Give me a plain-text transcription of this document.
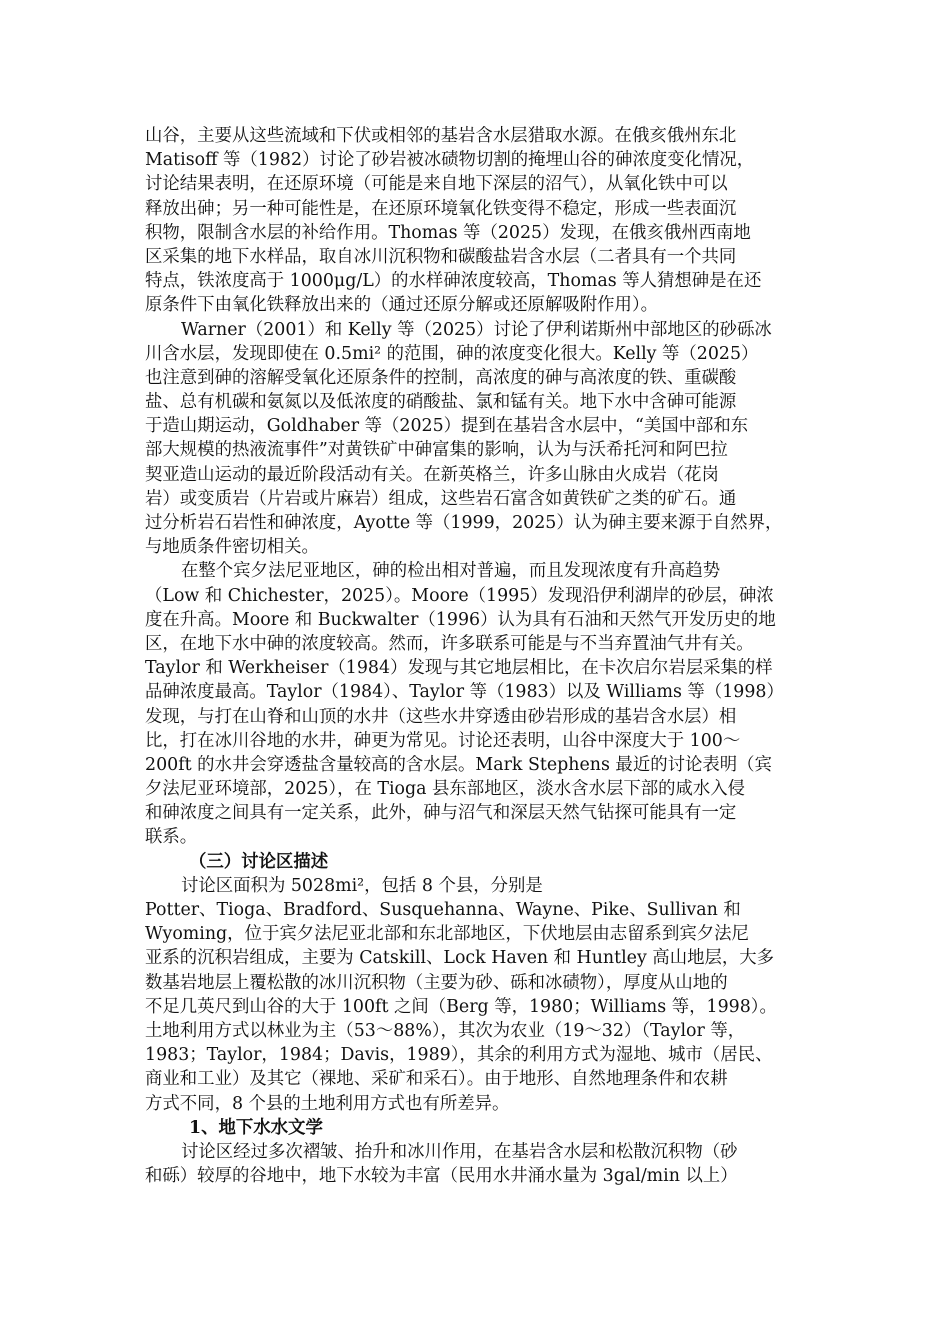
山谷，主要从这些流域和下伏或相邻的基岩含水层猎取水源。在俄亥俄州东北
Matisoff 等（1982）讨论了砂岩被冰碛物切割的掩埋山谷的砷浓度变化情况，
讨论结果表明，在还原环境（可能是来自地下深层的沼气），从氧化铁中可以
释放出砷；另一种可能性是，在还原环境氧化铁变得不稳定，形成一些表面沉
积物，限制含水层的补给作用。Thomas 等（2025）发现，在俄亥俄州西南地
区采集的地下水样品，取自冰川沉积物和碳酸盐岩含水层（二者具有一个共同
特点，铁浓度高于 1000μg/L）的水样砷浓度较高，Thomas 等人猜想砷是在还
原条件下由氧化铁释放出来的（通过还原分解或还原解吸附作用）。
Warner（2001）和 Kelly 等（2025）讨论了伊利诺斯州中部地区的砂砾冰
川含水层，发现即使在 0.5mi² 的范围，砷的浓度变化很大。Kelly 等（2025）
也注意到砷的溶解受氧化还原条件的控制，高浓度的砷与高浓度的铁、重碳酸
盐、总有机碳和氨氮以及低浓度的硝酸盐、氯和锰有关。地下水中含砷可能源
于造山期运动，Goldhaber 等（2025）提到在基岩含水层中，“美国中部和东
部大规模的热液流事件”对黄铁矿中砷富集的影响，认为与沃希托河和阿巴拉
契亚造山运动的最近阶段活动有关。在新英格兰，许多山脉由火成岩（花岗
岩）或变质岩（片岩或片麻岩）组成，这些岩石富含如黄铁矿之类的矿石。通
过分析岩石岩性和砷浓度，Ayotte 等（1999，2025）认为砷主要来源于自然界，
与地质条件密切相关。
在整个宾夕法尼亚地区，砷的检出相对普遍，而且发现浓度有升高趋势
（Low 和 Chichester，2025）。Moore（1995）发现沿伊利湖岸的砂层，砷浓
度在升高。Moore 和 Buckwalter（1996）认为具有石油和天然气开发历史的地
区，在地下水中砷的浓度较高。然而，许多联系可能是与不当弃置油气井有关。
Taylor 和 Werkheiser（1984）发现与其它地层相比，在卡次启尔岩层采集的样
品砷浓度最高。Taylor（1984）、Taylor 等（1983）以及 Williams 等（1998）
发现，与打在山脊和山顶的水井（这些水井穿透由砂岩形成的基岩含水层）相
比，打在冰川谷地的水井，砷更为常见。讨论还表明，山谷中深度大于 100～
200ft 的水井会穿透盐含量较高的含水层。Mark Stephens 最近的讨论表明（宾
夕法尼亚环境部，2025），在 Tioga 县东部地区，淡水含水层下部的咸水入侵
和砷浓度之间具有一定关系，此外，砷与沼气和深层天然气钻探可能具有一定
联系。
（三）讨论区描述
讨论区面积为 5028mi²，包括 8 个县，分别是
Potter、Tioga、Bradford、Susquehanna、Wayne、Pike、Sullivan 和
Wyoming，位于宾夕法尼亚北部和东北部地区，下伏地层由志留系到宾夕法尼
亚系的沉积岩组成，主要为 Catskill、Lock Haven 和 Huntley 高山地层，大多
数基岩地层上覆松散的冰川沉积物（主要为砂、砾和冰碛物），厚度从山地的
不足几英尺到山谷的大于 100ft 之间（Berg 等，1980；Williams 等，1998）。
土地利用方式以林业为主（53～88%），其次为农业（19～32）（Taylor 等，
1983；Taylor，1984；Davis，1989），其余的利用方式为湿地、城市（居民、
商业和工业）及其它（裸地、采矿和采石）。由于地形、自然地理条件和农耕
方式不同，8 个县的土地利用方式也有所差异。
1、地下水水文学
讨论区经过多次褶皱、抬升和冰川作用，在基岩含水层和松散沉积物（砂
和砾）较厚的谷地中，地下水较为丰富（民用水井涌水量为 3gal/min 以上）
